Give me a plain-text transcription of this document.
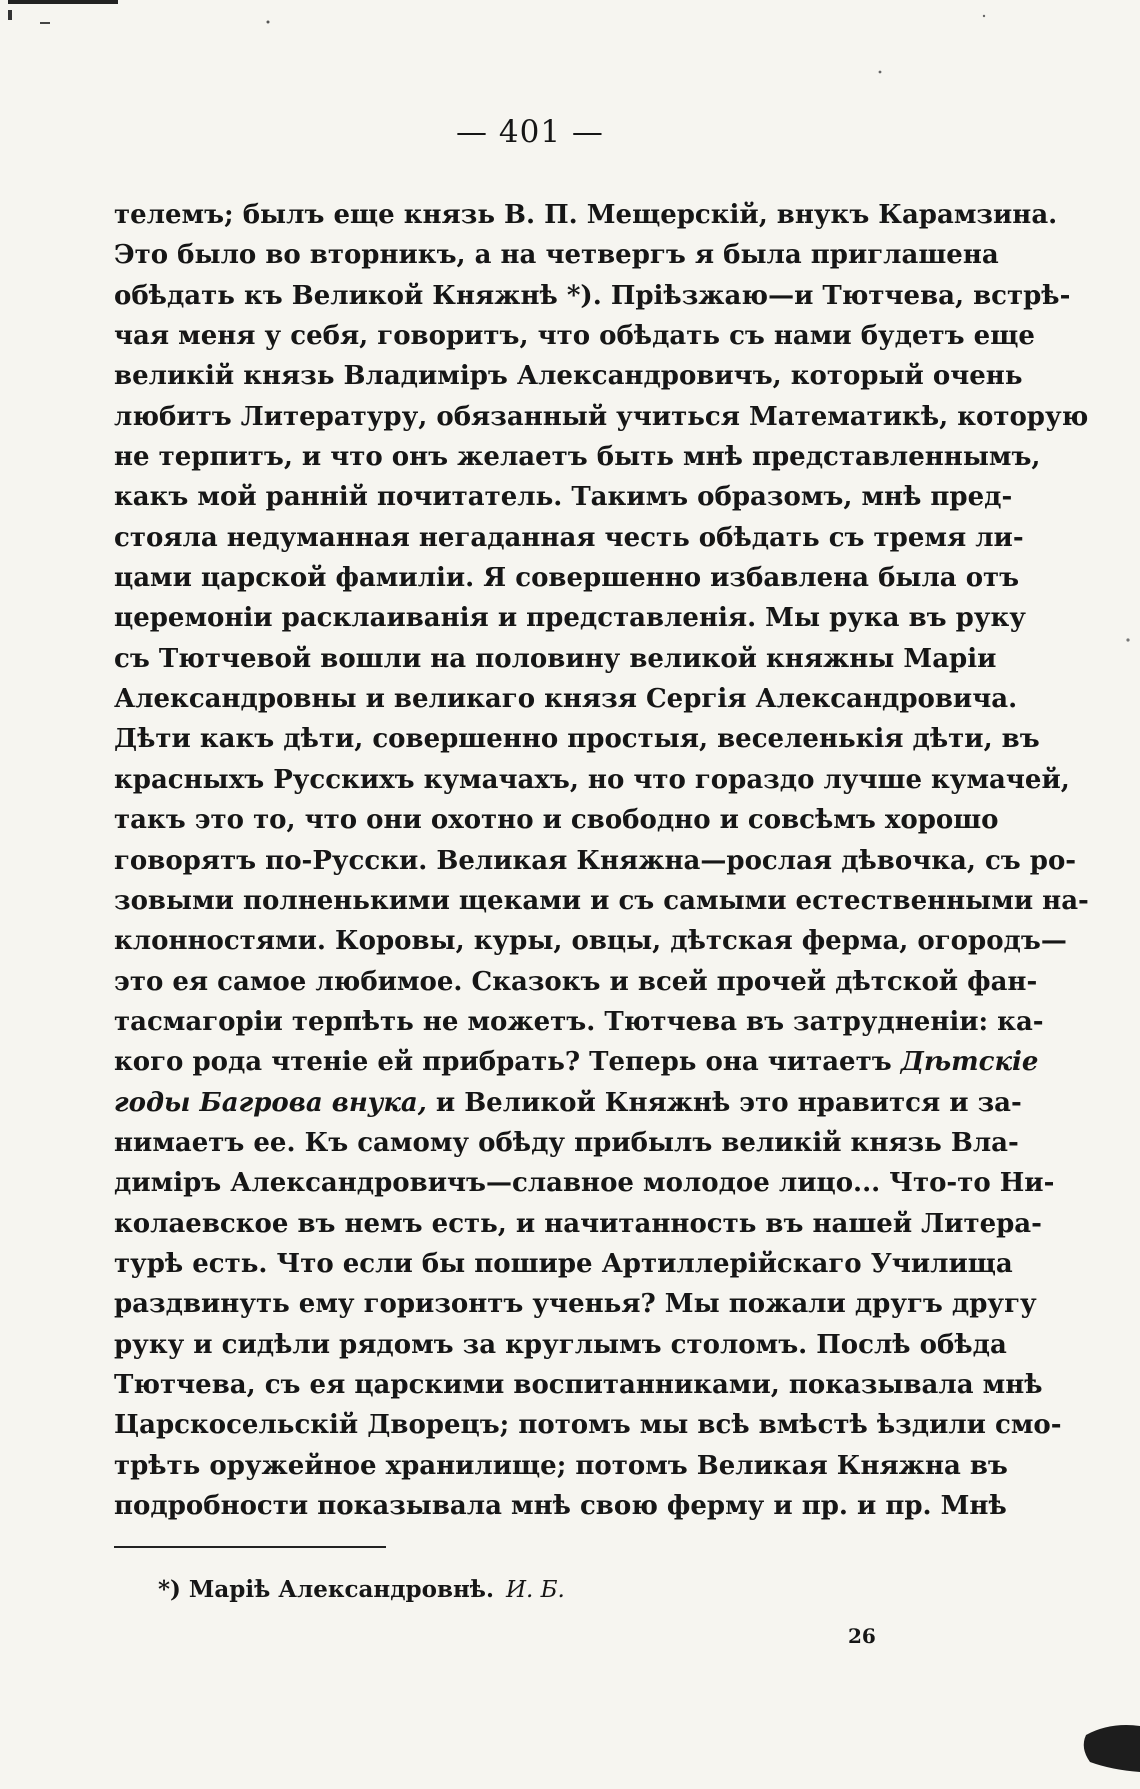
— 401 —
телемъ; былъ еще князь В. П. Мещерскiй, внукъ Карамзина.
Это было во вторникъ, а на четвергъ я была приглашена
обѣдать къ Великой Княжнѣ *). Прiѣзжаю—и Тютчева, встрѣ-
чая меня у себя, говоритъ, что обѣдать съ нами будетъ еще
великiй князь Владимiръ Александровичъ, который очень
любитъ Литературу, обязанный учиться Математикѣ, которую
не терпитъ, и что онъ желаетъ быть мнѣ представленнымъ,
какъ мой раннiй почитатель. Такимъ образомъ, мнѣ пред-
стояла недуманная негаданная честь обѣдать съ тремя ли-
цами царской фамилiи. Я совершенно избавлена была отъ
церемонiи расклаиванiя и представленiя. Мы рука въ руку
съ Тютчевой вошли на половину великой княжны Марiи
Александровны и великаго князя Сергiя Александровича.
Дѣти какъ дѣти, совершенно простыя, веселенькiя дѣти, въ
красныхъ Русскихъ кумачахъ, но что гораздо лучше кумачей,
такъ это то, что они охотно и свободно и совсѣмъ хорошо
говорятъ по-Русски. Великая Княжна—рослая дѣвочка, съ ро-
зовыми полненькими щеками и съ самыми естественными на-
клонностями. Коровы, куры, овцы, дѣтская ферма, огородъ—
это ея самое любимое. Сказокъ и всей прочей дѣтской фан-
тасмагорiи терпѣть не можетъ. Тютчева въ затрудненiи: ка-
кого рода чтенiе ей прибрать? Теперь она читаетъ Дѣтскiе
годы Багрова внука, и Великой Княжнѣ это нравится и за-
нимаетъ ее. Къ самому обѣду прибылъ великiй князь Вла-
димiръ Александровичъ—славное молодое лицо... Что-то Ни-
колаевское въ немъ есть, и начитанность въ нашей Литера-
турѣ есть. Что если бы пошире Артиллерiйскаго Училища
раздвинуть ему горизонтъ ученья? Мы пожали другъ другу
руку и сидѣли рядомъ за круглымъ столомъ. Послѣ обѣда
Тютчева, съ ея царскими воспитанниками, показывала мнѣ
Царскосельскiй Дворецъ; потомъ мы всѣ вмѣстѣ ѣздили смо-
трѣть оружейное хранилище; потомъ Великая Княжна въ
подробности показывала мнѣ свою ферму и пр. и пр. Мнѣ
*) Марiѣ Александровнѣ. И. Б.
26
